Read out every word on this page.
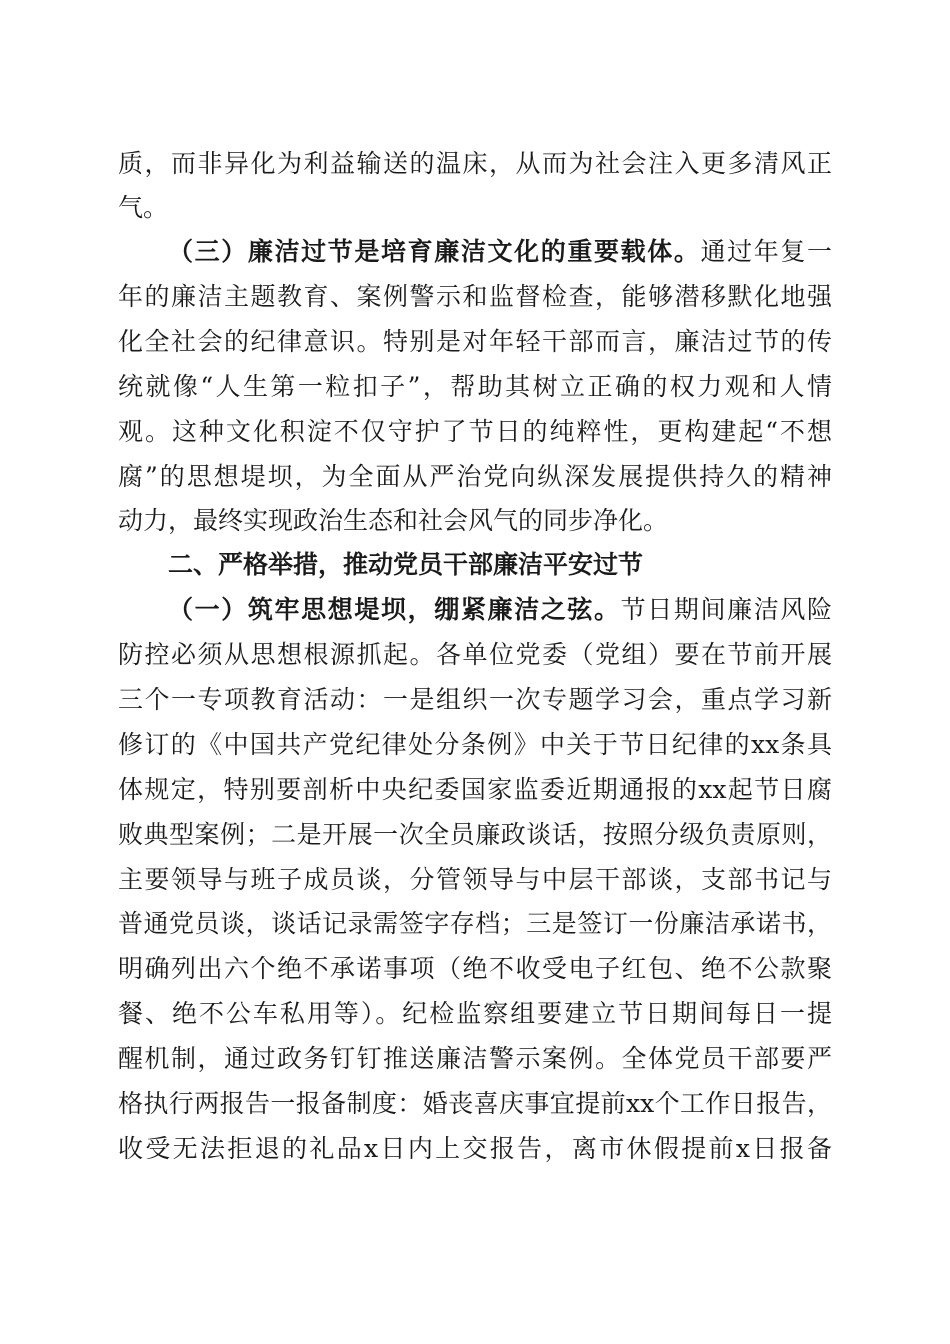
质，而非异化为利益输送的温床，从而为社会注入更多清风正
气。
（三）廉洁过节是培育廉洁文化的重要载体。通过年复一
年的廉洁主题教育、案例警示和监督检查，能够潜移默化地强
化全社会的纪律意识。特别是对年轻干部而言，廉洁过节的传
统就像“人生第一粒扣子”，帮助其树立正确的权力观和人情
观。这种文化积淀不仅守护了节日的纯粹性，更构建起“不想
腐”的思想堤坝，为全面从严治党向纵深发展提供持久的精神
动力，最终实现政治生态和社会风气的同步净化。
二、严格举措，推动党员干部廉洁平安过节
（一）筑牢思想堤坝，绷紧廉洁之弦。节日期间廉洁风险
防控必须从思想根源抓起。各单位党委（党组）要在节前开展
三个一专项教育活动：一是组织一次专题学习会，重点学习新
修订的《中国共产党纪律处分条例》中关于节日纪律的xx条具
体规定，特别要剖析中央纪委国家监委近期通报的xx起节日腐
败典型案例；二是开展一次全员廉政谈话，按照分级负责原则，
主要领导与班子成员谈，分管领导与中层干部谈，支部书记与
普通党员谈，谈话记录需签字存档；三是签订一份廉洁承诺书，
明确列出六个绝不承诺事项（绝不收受电子红包、绝不公款聚
餐、绝不公车私用等）。纪检监察组要建立节日期间每日一提
醒机制，通过政务钉钉推送廉洁警示案例。全体党员干部要严
格执行两报告一报备制度：婚丧喜庆事宜提前xx个工作日报告，
收受无法拒退的礼品x日内上交报告，离市休假提前x日报备
